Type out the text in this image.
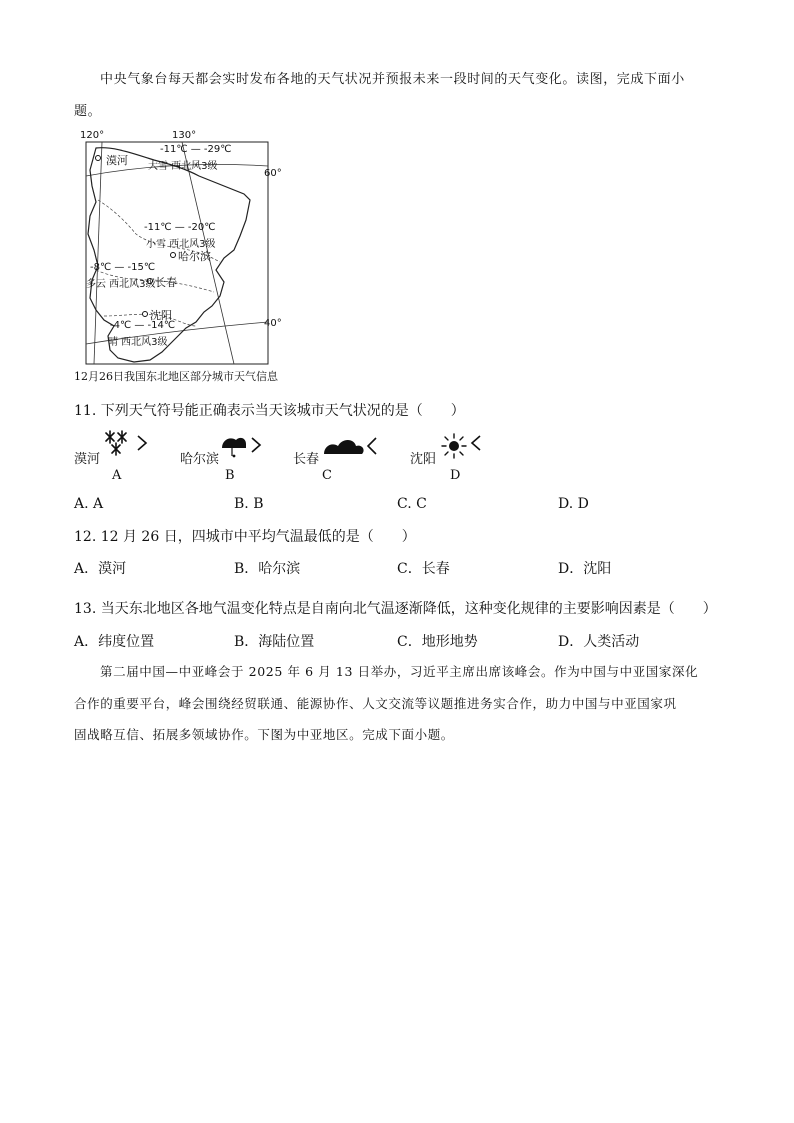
中央气象台每天都会实时发布各地的天气状况并预报未来一段时间的天气变化。读图，完成下面小
题。
120°	130°
60°
40°
漠河
-11℃ — -29℃
大雪 西北风3级
-11℃ — -20℃
小雪 西北风3级
哈尔滨
-8℃ — -15℃
多云 西北风3级 长春
沈阳
-4℃ — -14℃
晴 西北风3级
12月26日我国东北地区部分城市天气信息
11. 下列天气符号能正确表示当天该城市天气状况的是（　　）
漠河
A
哈尔滨
B
长春
C
沈阳
D
A. A	B. B	C. C	D. D
12. 12 月 26 日，四城市中平均气温最低的是（　　）
A．漠河	B．哈尔滨	C．长春	D．沈阳
13. 当天东北地区各地气温变化特点是自南向北气温逐渐降低，这种变化规律的主要影响因素是（　　）
A．纬度位置	B．海陆位置	C．地形地势	D．人类活动
第二届中国—中亚峰会于 2025 年 6 月 13 日举办，习近平主席出席该峰会。作为中国与中亚国家深化
合作的重要平台，峰会围绕经贸联通、能源协作、人文交流等议题推进务实合作，助力中国与中亚国家巩
固战略互信、拓展多领域协作。下图为中亚地区。完成下面小题。
